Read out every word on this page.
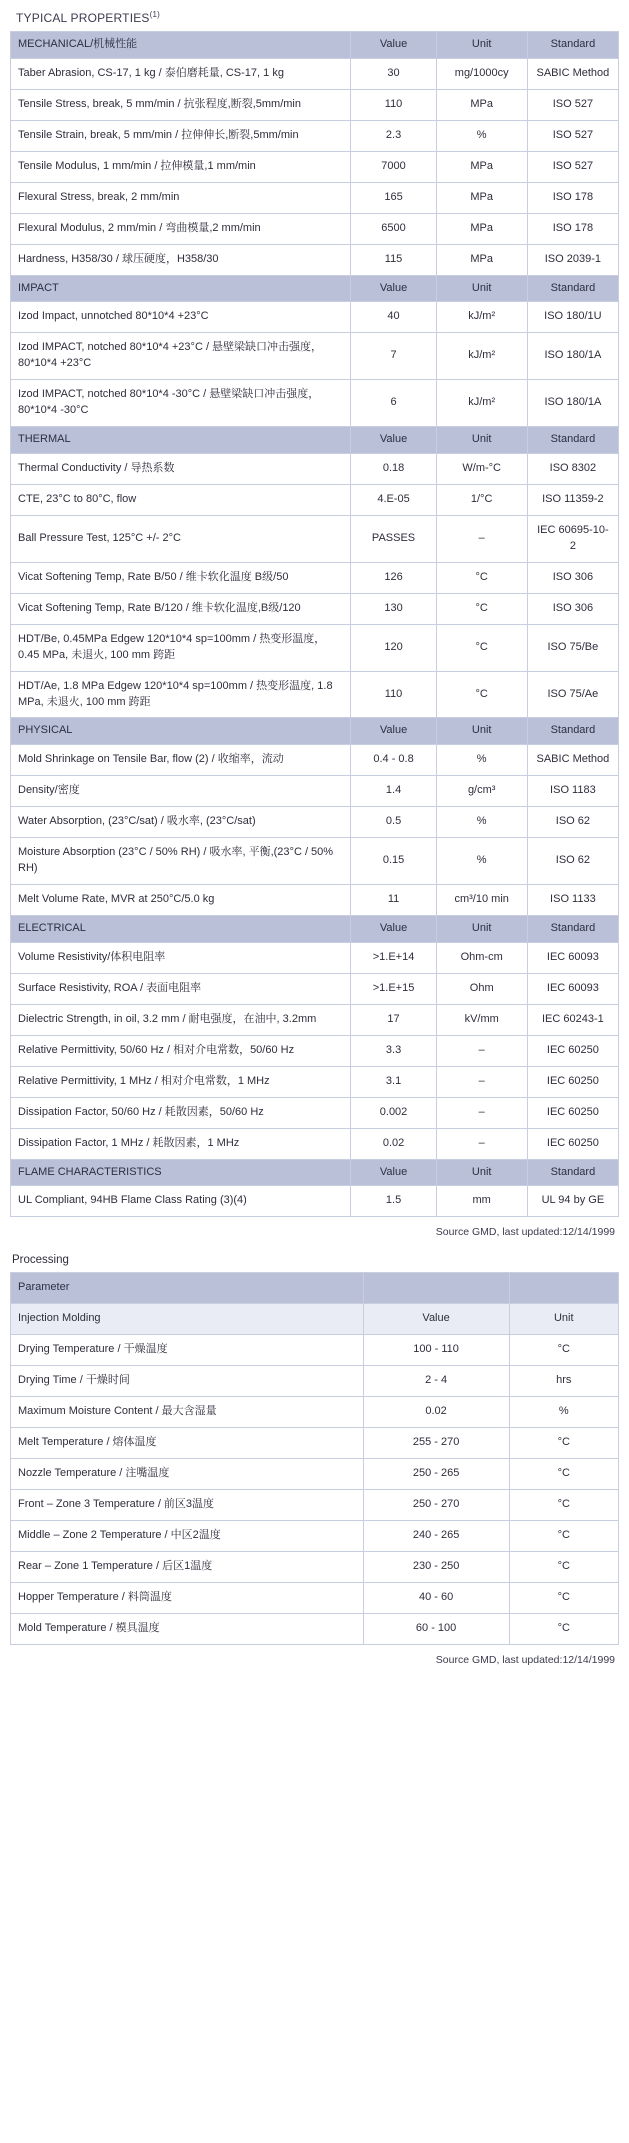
TYPICAL PROPERTIES$^{(1)}$
MECHANICAL/机械性能	Value	Unit	Standard
Taber Abrasion, CS-17, 1 kg / 泰伯磨耗量, CS-17, 1 kg	30	mg/1000cy	SABIC Method
Tensile Stress, break, 5 mm/min / 抗张程度,断裂,5mm/min	110	MPa	ISO 527
Tensile Strain, break, 5 mm/min / 拉伸伸长,断裂,5mm/min	2.3	%	ISO 527
Tensile Modulus, 1 mm/min / 拉伸模量,1 mm/min	7000	MPa	ISO 527
Flexural Stress, break, 2 mm/min	165	MPa	ISO 178
Flexural Modulus, 2 mm/min / 弯曲模量,2 mm/min	6500	MPa	ISO 178
Hardness, H358/30 / 球压硬度，H358/30	115	MPa	ISO 2039-1
IMPACT	Value	Unit	Standard
Izod Impact, unnotched 80*10*4 +23°C	40	kJ/m²	ISO 180/1U
Izod IMPACT, notched 80*10*4 +23°C / 悬壁梁缺口冲击强度，80*10*4 +23°C	7	kJ/m²	ISO 180/1A
Izod IMPACT, notched 80*10*4 -30°C / 悬壁梁缺口冲击强度，80*10*4 -30°C	6	kJ/m²	ISO 180/1A
THERMAL	Value	Unit	Standard
Thermal Conductivity / 导热系数	0.18	W/m-°C	ISO 8302
CTE, 23°C to 80°C, flow	4.E-05	1/°C	ISO 11359-2
Ball Pressure Test, 125°C +/- 2°C	PASSES	–	IEC 60695-10-2
Vicat Softening Temp, Rate B/50 / 维卡软化温度 B级/50	126	°C	ISO 306
Vicat Softening Temp, Rate B/120 / 维卡软化温度,B级/120	130	°C	ISO 306
HDT/Be, 0.45MPa Edgew 120*10*4 sp=100mm / 热变形温度，0.45 MPa, 未退火, 100 mm 跨距	120	°C	ISO 75/Be
HDT/Ae, 1.8 MPa Edgew 120*10*4 sp=100mm / 热变形温度, 1.8 MPa, 未退火, 100 mm 跨距	110	°C	ISO 75/Ae
PHYSICAL	Value	Unit	Standard
Mold Shrinkage on Tensile Bar, flow (2) / 收缩率，流动	0.4 - 0.8	%	SABIC Method
Density/密度	1.4	g/cm³	ISO 1183
Water Absorption, (23°C/sat) / 吸水率, (23°C/sat)	0.5	%	ISO 62
Moisture Absorption (23°C / 50% RH) / 吸水率, 平衡,(23°C / 50% RH)	0.15	%	ISO 62
Melt Volume Rate, MVR at 250°C/5.0 kg	11	cm³/10 min	ISO 1133
ELECTRICAL	Value	Unit	Standard
Volume Resistivity/体积电阻率	>1.E+14	Ohm-cm	IEC 60093
Surface Resistivity, ROA / 表面电阻率	>1.E+15	Ohm	IEC 60093
Dielectric Strength, in oil, 3.2 mm / 耐电强度，在油中, 3.2mm	17	kV/mm	IEC 60243-1
Relative Permittivity, 50/60 Hz / 相对介电常数，50/60 Hz	3.3	–	IEC 60250
Relative Permittivity, 1 MHz / 相对介电常数，1 MHz	3.1	–	IEC 60250
Dissipation Factor, 50/60 Hz / 耗散因素，50/60 Hz	0.002	–	IEC 60250
Dissipation Factor, 1 MHz / 耗散因素，1 MHz	0.02	–	IEC 60250
FLAME CHARACTERISTICS	Value	Unit	Standard
UL Compliant, 94HB Flame Class Rating (3)(4)	1.5	mm	UL 94 by GE
Source GMD, last updated:12/14/1999
Processing
Parameter		
Injection Molding	Value	Unit
Drying Temperature / 干燥温度	100 - 110	°C
Drying Time / 干燥时间	2 - 4	hrs
Maximum Moisture Content / 最大含湿量	0.02	%
Melt Temperature / 熔体温度	255 - 270	°C
Nozzle Temperature / 注嘴温度	250 - 265	°C
Front – Zone 3 Temperature / 前区3温度	250 - 270	°C
Middle – Zone 2 Temperature / 中区2温度	240 - 265	°C
Rear – Zone 1 Temperature / 后区1温度	230 - 250	°C
Hopper Temperature / 料筒温度	40 - 60	°C
Mold Temperature / 模具温度	60 - 100	°C
Source GMD, last updated:12/14/1999
